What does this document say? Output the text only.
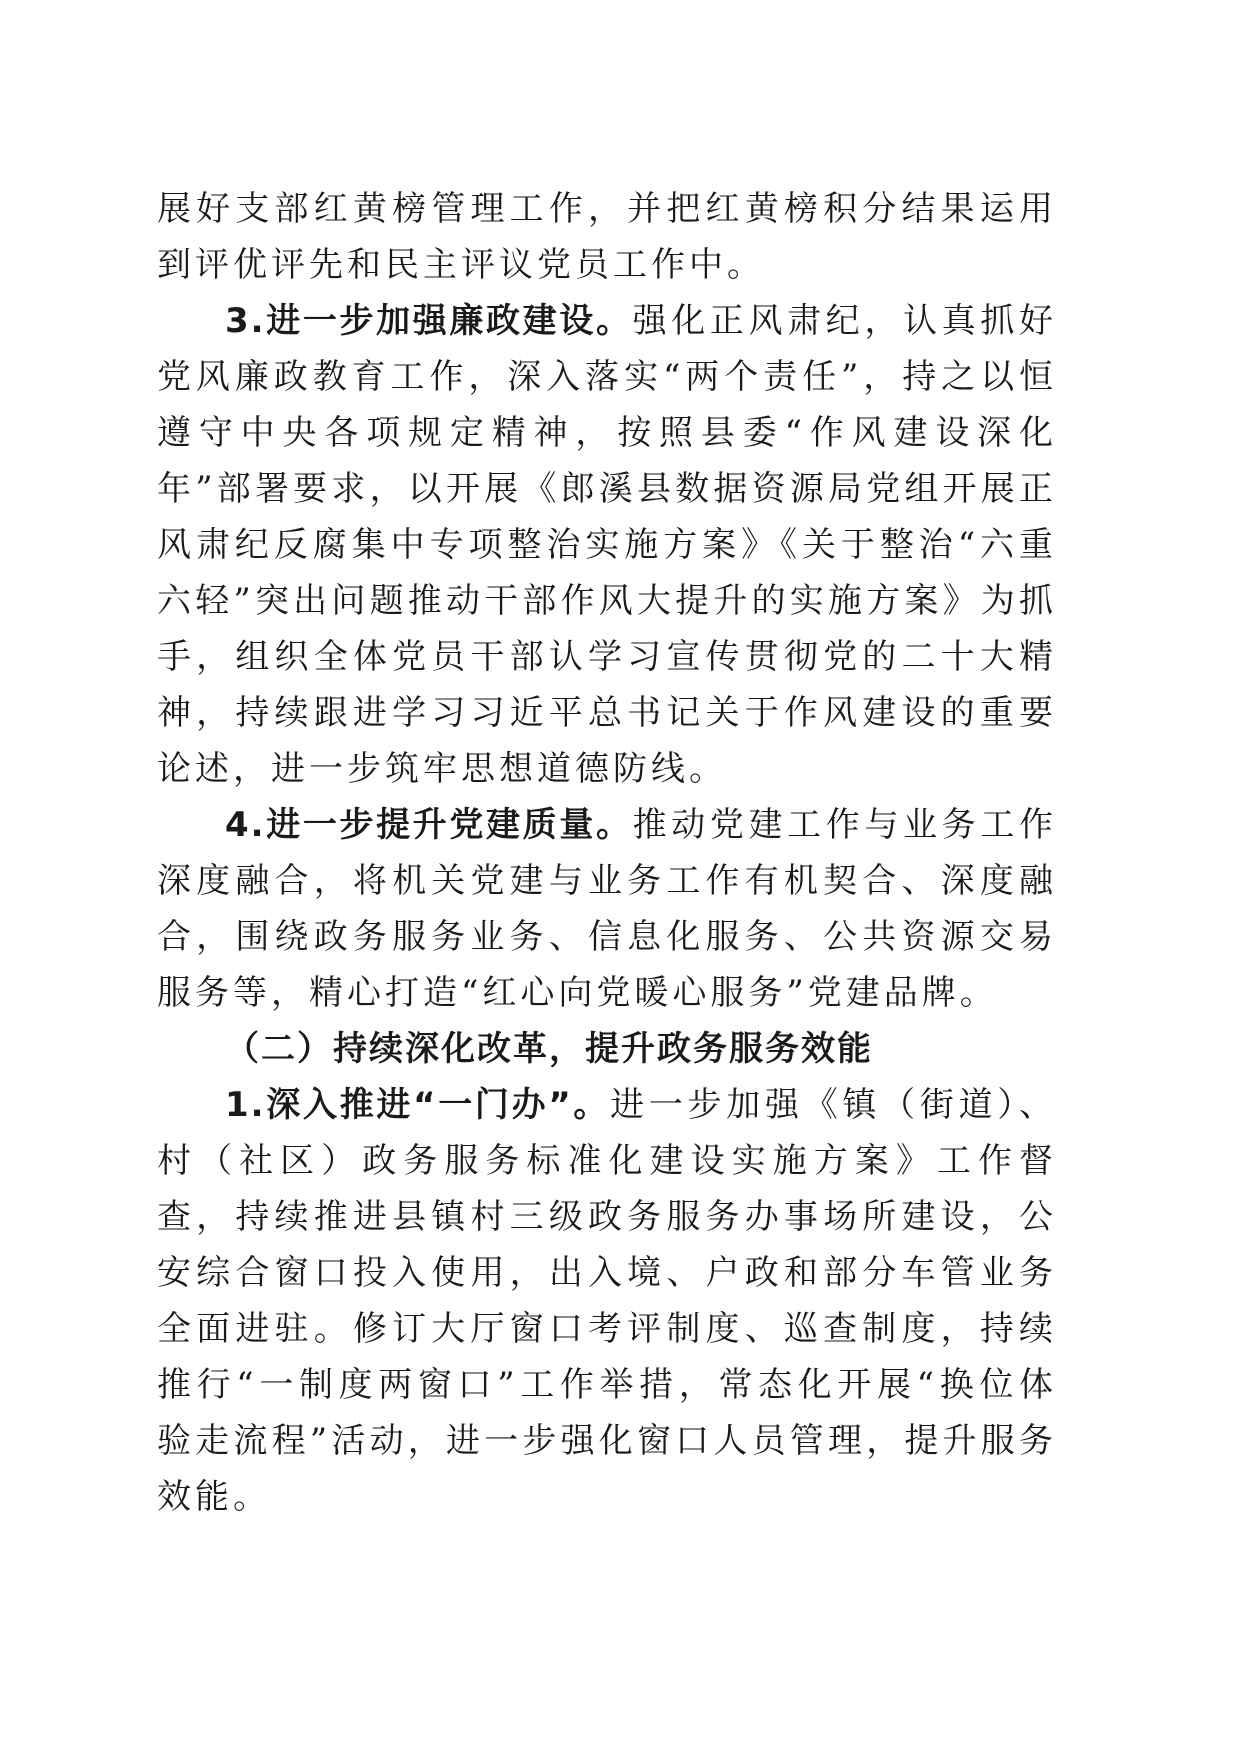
展好支部红黄榜管理工作，并把红黄榜积分结果运用到评优评先和民主评议党员工作中。

3.进一步加强廉政建设。强化正风肃纪，认真抓好党风廉政教育工作，深入落实“两个责任”，持之以恒遵守中央各项规定精神，按照县委“作风建设深化年”部署要求，以开展《郎溪县数据资源局党组开展正风肃纪反腐集中专项整治实施方案》《关于整治“六重六轻”突出问题推动干部作风大提升的实施方案》为抓手，组织全体党员干部认学习宣传贯彻党的二十大精神，持续跟进学习习近平总书记关于作风建设的重要论述，进一步筑牢思想道德防线。

4.进一步提升党建质量。推动党建工作与业务工作深度融合，将机关党建与业务工作有机契合、深度融合，围绕政务服务业务、信息化服务、公共资源交易服务等，精心打造“红心向党暖心服务”党建品牌。

（二）持续深化改革，提升政务服务效能

1.深入推进“一门办”。进一步加强《镇（街道）、村（社区）政务服务标准化建设实施方案》工作督查，持续推进县镇村三级政务服务办事场所建设，公安综合窗口投入使用，出入境、户政和部分车管业务全面进驻。修订大厅窗口考评制度、巡查制度，持续推行“一制度两窗口”工作举措，常态化开展“换位体验走流程”活动，进一步强化窗口人员管理，提升服务效能。
